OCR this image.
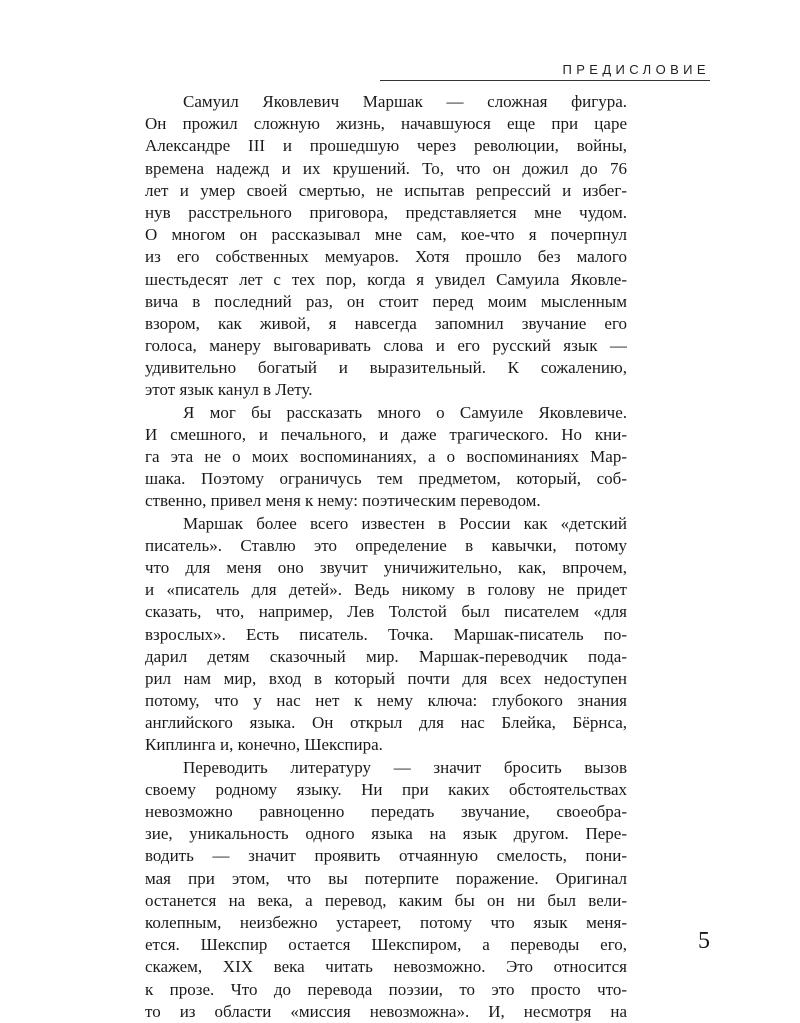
ПРЕДИСЛОВИЕ
Самуил Яковлевич Маршак — сложная фигура.
Он прожил сложную жизнь, начавшуюся еще при царе
Александре III и прошедшую через революции, войны,
времена надежд и их крушений. То, что он дожил до 76
лет и умер своей смертью, не испытав репрессий и избег-
нув расстрельного приговора, представляется мне чудом.
О многом он рассказывал мне сам, кое-что я почерпнул
из его собственных мемуаров. Хотя прошло без малого
шестьдесят лет с тех пор, когда я увидел Самуила Яковле-
вича в последний раз, он стоит перед моим мысленным
взором, как живой, я навсегда запомнил звучание его
голоса, манеру выговаривать слова и его русский язык —
удивительно богатый и выразительный. К сожалению,
этот язык канул в Лету.
Я мог бы рассказать много о Самуиле Яковлевиче.
И смешного, и печального, и даже трагического. Но кни-
га эта не о моих воспоминаниях, а о воспоминаниях Мар-
шака. Поэтому ограничусь тем предметом, который, соб-
ственно, привел меня к нему: поэтическим переводом.
Маршак более всего известен в России как «детский
писатель». Ставлю это определение в кавычки, потому
что для меня оно звучит уничижительно, как, впрочем,
и «писатель для детей». Ведь никому в голову не придет
сказать, что, например, Лев Толстой был писателем «для
взрослых». Есть писатель. Точка. Маршак-писатель по-
дарил детям сказочный мир. Маршак-переводчик пода-
рил нам мир, вход в который почти для всех недоступен
потому, что у нас нет к нему ключа: глубокого знания
английского языка. Он открыл для нас Блейка, Бёрнса,
Киплинга и, конечно, Шекспира.
Переводить литературу — значит бросить вызов
своему родному языку. Ни при каких обстоятельствах
невозможно равноценно передать звучание, своеобра-
зие, уникальность одного языка на язык другом. Пере-
водить — значит проявить отчаянную смелость, пони-
мая при этом, что вы потерпите поражение. Оригинал
останется на века, а перевод, каким бы он ни был вели-
колепным, неизбежно устареет, потому что язык меня-
ется. Шекспир остается Шекспиром, а переводы его,
скажем, XIX века читать невозможно. Это относится
к прозе. Что до перевода поэзии, то это просто что-
то из области «миссия невозможна». И, несмотря на
5
